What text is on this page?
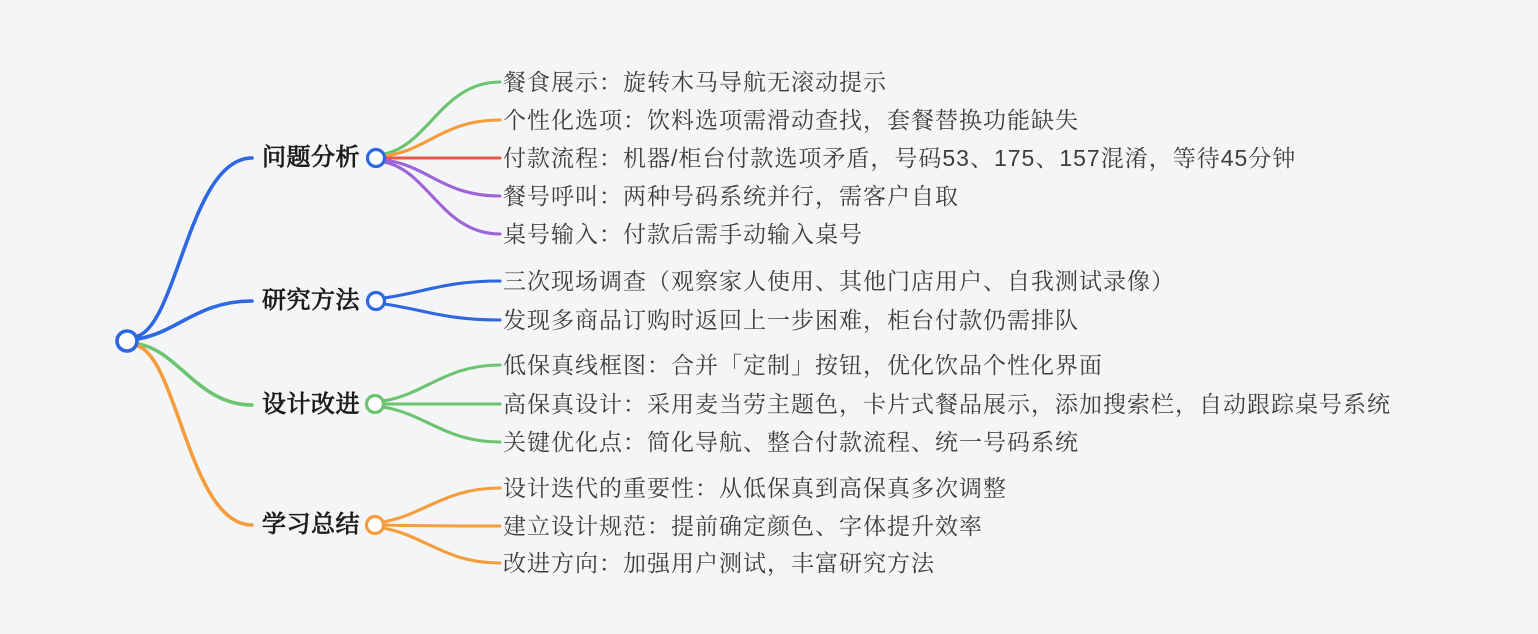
问题分析
研究方法
设计改进
学习总结
餐食展示：旋转木马导航无滚动提示
个性化选项：饮料选项需滑动查找，套餐替换功能缺失
付款流程：机器/柜台付款选项矛盾，号码53、175、157混淆，等待45分钟
餐号呼叫：两种号码系统并行，需客户自取
桌号输入：付款后需手动输入桌号
三次现场调查（观察家人使用、其他门店用户、自我测试录像）
发现多商品订购时返回上一步困难，柜台付款仍需排队
低保真线框图：合并「定制」按钮，优化饮品个性化界面
高保真设计：采用麦当劳主题色，卡片式餐品展示，添加搜索栏，自动跟踪桌号系统
关键优化点：简化导航、整合付款流程、统一号码系统
设计迭代的重要性：从低保真到高保真多次调整
建立设计规范：提前确定颜色、字体提升效率
改进方向：加强用户测试，丰富研究方法
